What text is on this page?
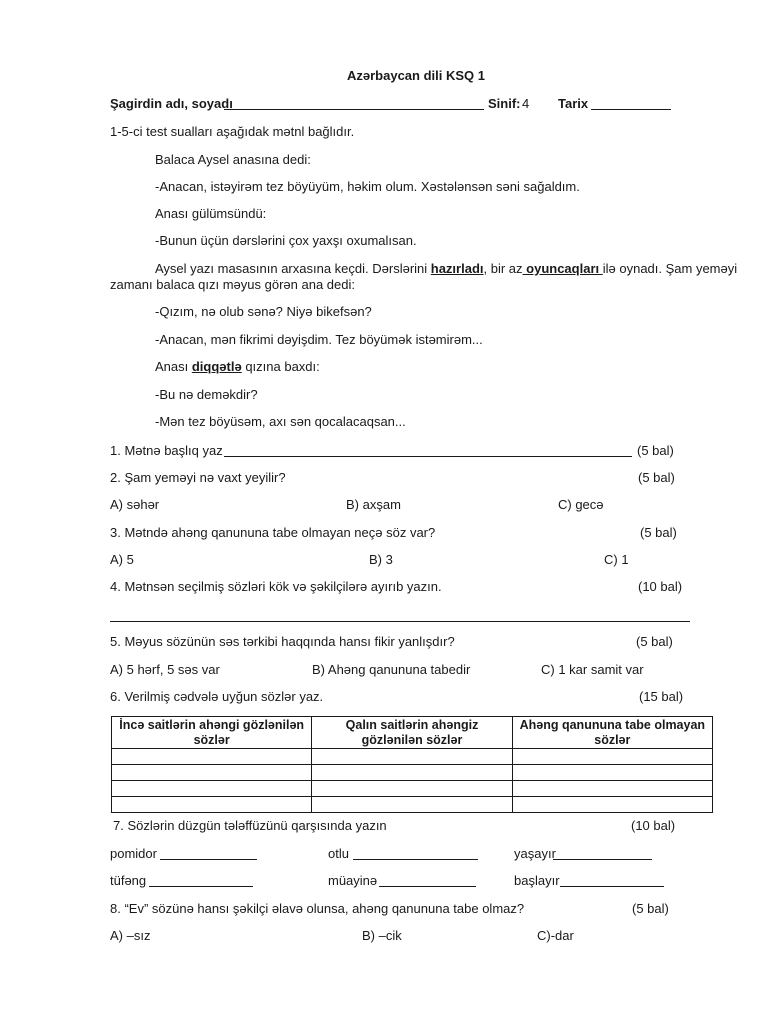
Azərbaycan dili KSQ 1
Şagirdin adı, soyadı	Sinif: 4 Tarix
1-5-ci test sualları aşağıdak mətnl bağlıdır.
Balaca Aysel anasına dedi:
-Anacan, istəyirəm tez böyüyüm, həkim olum. Xəstələnsən səni sağaldım.
Anası gülümsündü:
-Bunun üçün dərslərini çox yaxşı oxumalısan.
Aysel yazı masasının arxasına keçdi. Dərslərini hazırladı, bir az oyuncaqları ilə oynadı. Şam yeməyi
zamanı balaca qızı məyus görən ana dedi:
-Qızım, nə olub sənə? Niyə bikefsən?
-Anacan, mən fikrimi dəyişdim. Tez böyümək istəmirəm...
Anası diqqətlə qızına baxdı:
-Bu nə deməkdir?
-Mən tez böyüsəm, axı sən qocalacaqsan...
1. Mətnə başlıq yaz	(5 bal)
2. Şam yeməyi nə vaxt yeyilir?	(5 bal)
A) səhər	B) axşam	C) gecə
3. Mətndə ahəng qanununa tabe olmayan neçə söz var?	(5 bal)
A) 5	B) 3	C) 1
4. Mətnsən seçilmiş sözləri kök və şəkilçilərə ayırıb yazın.	(10 bal)
5. Məyus sözünün səs tərkibi haqqında hansı fikir yanlışdır?	(5 bal)
A) 5 hərf, 5 səs var	B) Ahəng qanununa tabedir	C) 1 kar samit var
6. Verilmiş cədvələ uyğun sözlər yaz.	(15 bal)
İncə saitlərin ahəngi gözlənilən sözlər	Qalın saitlərin ahəngiz gözlənilən sözlər	Ahəng qanununa tabe olmayan sözlər

7. Sözlərin düzgün tələffüzünü qarşısında yazın	(10 bal)
pomidor	otlu	yaşayır
tüfəng	müayinə	başlayır
8. “Ev” sözünə hansı şəkilçi əlavə olunsa, ahəng qanununa tabe olmaz?	(5 bal)
A) –sız	B) –cik	C)-dar
